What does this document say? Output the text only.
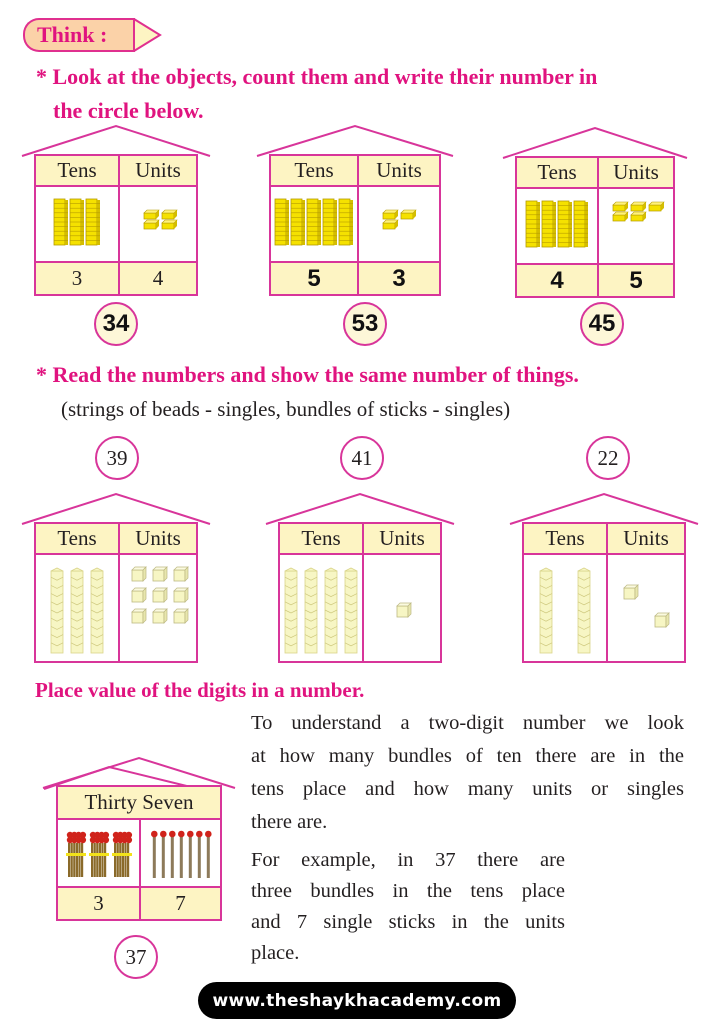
Think :
* Look at the objects, count them and write their number in
the circle below.
Tens	Units
3	4
34
Tens	Units
5	3
53
Tens	Units
4	5
45
* Read the numbers and show the same number of things.
(strings of beads - singles, bundles of sticks - singles)
39	41	22
Tens	Units	Tens	Units	Tens	Units
Place value of the digits in a number.
To understand a two-digit number we look
at how many bundles of ten there are in the
tens place and how many units or singles
there are.
For example, in 37 there are
three bundles in the tens place
and 7 single sticks in the units
place.
Thirty Seven
3	7
37
www.theshaykhacademy.com
